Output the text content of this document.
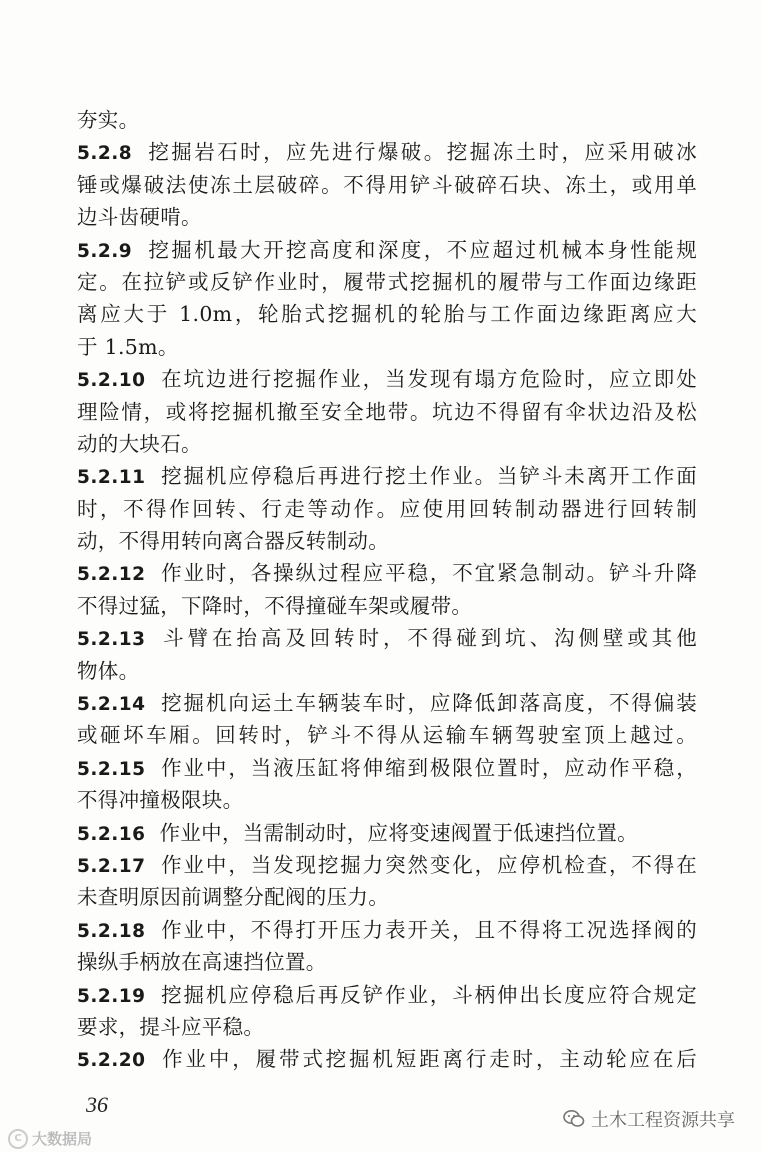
夯实。
5.2.8 挖掘岩石时，应先进行爆破。挖掘冻土时，应采用破冰
锤或爆破法使冻土层破碎。不得用铲斗破碎石块、冻土，或用单
边斗齿硬啃。
5.2.9 挖掘机最大开挖高度和深度，不应超过机械本身性能规
定。在拉铲或反铲作业时，履带式挖掘机的履带与工作面边缘距
离应大于 1.0m，轮胎式挖掘机的轮胎与工作面边缘距离应大
于 1.5m。
5.2.10 在坑边进行挖掘作业，当发现有塌方危险时，应立即处
理险情，或将挖掘机撤至安全地带。坑边不得留有伞状边沿及松
动的大块石。
5.2.11 挖掘机应停稳后再进行挖土作业。当铲斗未离开工作面
时，不得作回转、行走等动作。应使用回转制动器进行回转制
动，不得用转向离合器反转制动。
5.2.12 作业时，各操纵过程应平稳，不宜紧急制动。铲斗升降
不得过猛，下降时，不得撞碰车架或履带。
5.2.13 斗臂在抬高及回转时，不得碰到坑、沟侧壁或其他
物体。
5.2.14 挖掘机向运土车辆装车时，应降低卸落高度，不得偏装
或砸坏车厢。回转时，铲斗不得从运输车辆驾驶室顶上越过。
5.2.15 作业中，当液压缸将伸缩到极限位置时，应动作平稳，
不得冲撞极限块。
5.2.16 作业中，当需制动时，应将变速阀置于低速挡位置。
5.2.17 作业中，当发现挖掘力突然变化，应停机检查，不得在
未查明原因前调整分配阀的压力。
5.2.18 作业中，不得打开压力表开关，且不得将工况选择阀的
操纵手柄放在高速挡位置。
5.2.19 挖掘机应停稳后再反铲作业，斗柄伸出长度应符合规定
要求，提斗应平稳。
5.2.20 作业中，履带式挖掘机短距离行走时，主动轮应在后
36
土木工程资源共享
C 大数据局
